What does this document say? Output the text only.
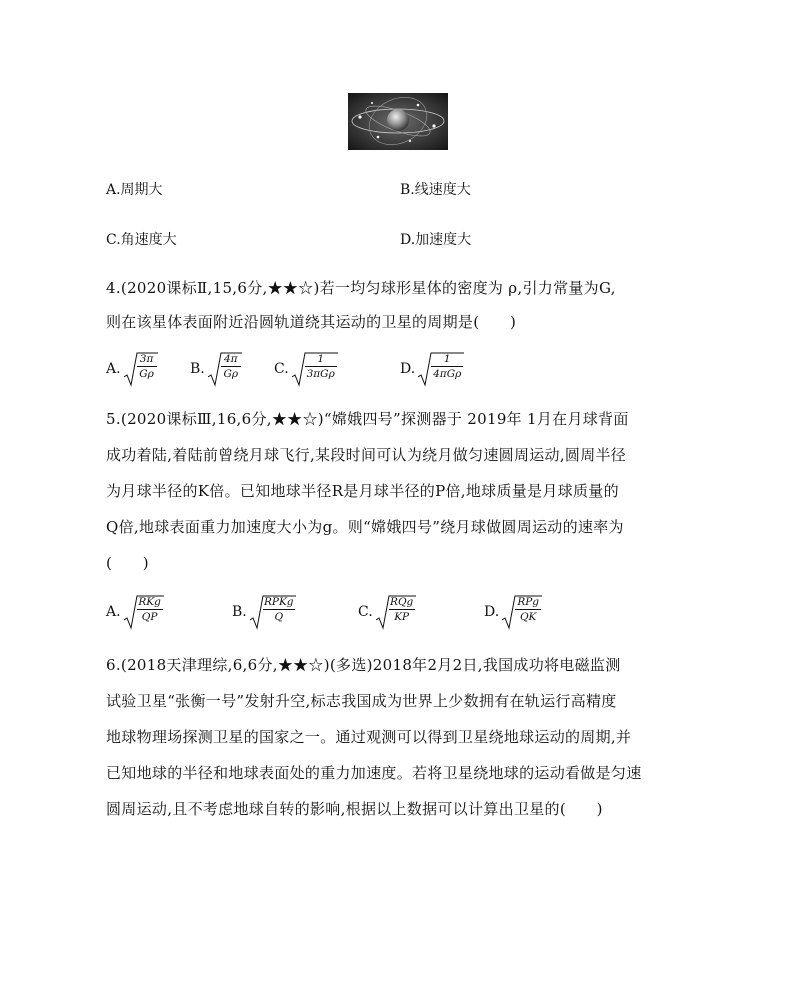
A.周期大	B.线速度大
C.角速度大	D.加速度大
4.(2020课标Ⅱ,15,6分,★★☆)若一均匀球形星体的密度为 ρ,引力常量为G,
则在该星体表面附近沿圆轨道绕其运动的卫星的周期是(　　)
A.
3π
Gρ	B.
4π
Gρ	C.
1
3πGρ	D.
1
4πGρ
5.(2020课标Ⅲ,16,6分,★★☆)“嫦娥四号”探测器于 2019年 1月在月球背面
成功着陆,着陆前曾绕月球飞行,某段时间可认为绕月做匀速圆周运动,圆周半径
为月球半径的K倍。已知地球半径R是月球半径的P倍,地球质量是月球质量的
Q倍,地球表面重力加速度大小为g。则“嫦娥四号”绕月球做圆周运动的速率为
(　　)
A.
RKg
QP	B.
RPKg
Q	C.
RQg
KP	D.
RPg
QK
6.(2018天津理综,6,6分,★★☆)(多选)2018年2月2日,我国成功将电磁监测
试验卫星“张衡一号”发射升空,标志我国成为世界上少数拥有在轨运行高精度
地球物理场探测卫星的国家之一。通过观测可以得到卫星绕地球运动的周期,并
已知地球的半径和地球表面处的重力加速度。若将卫星绕地球的运动看做是匀速
圆周运动,且不考虑地球自转的影响,根据以上数据可以计算出卫星的(　　)
